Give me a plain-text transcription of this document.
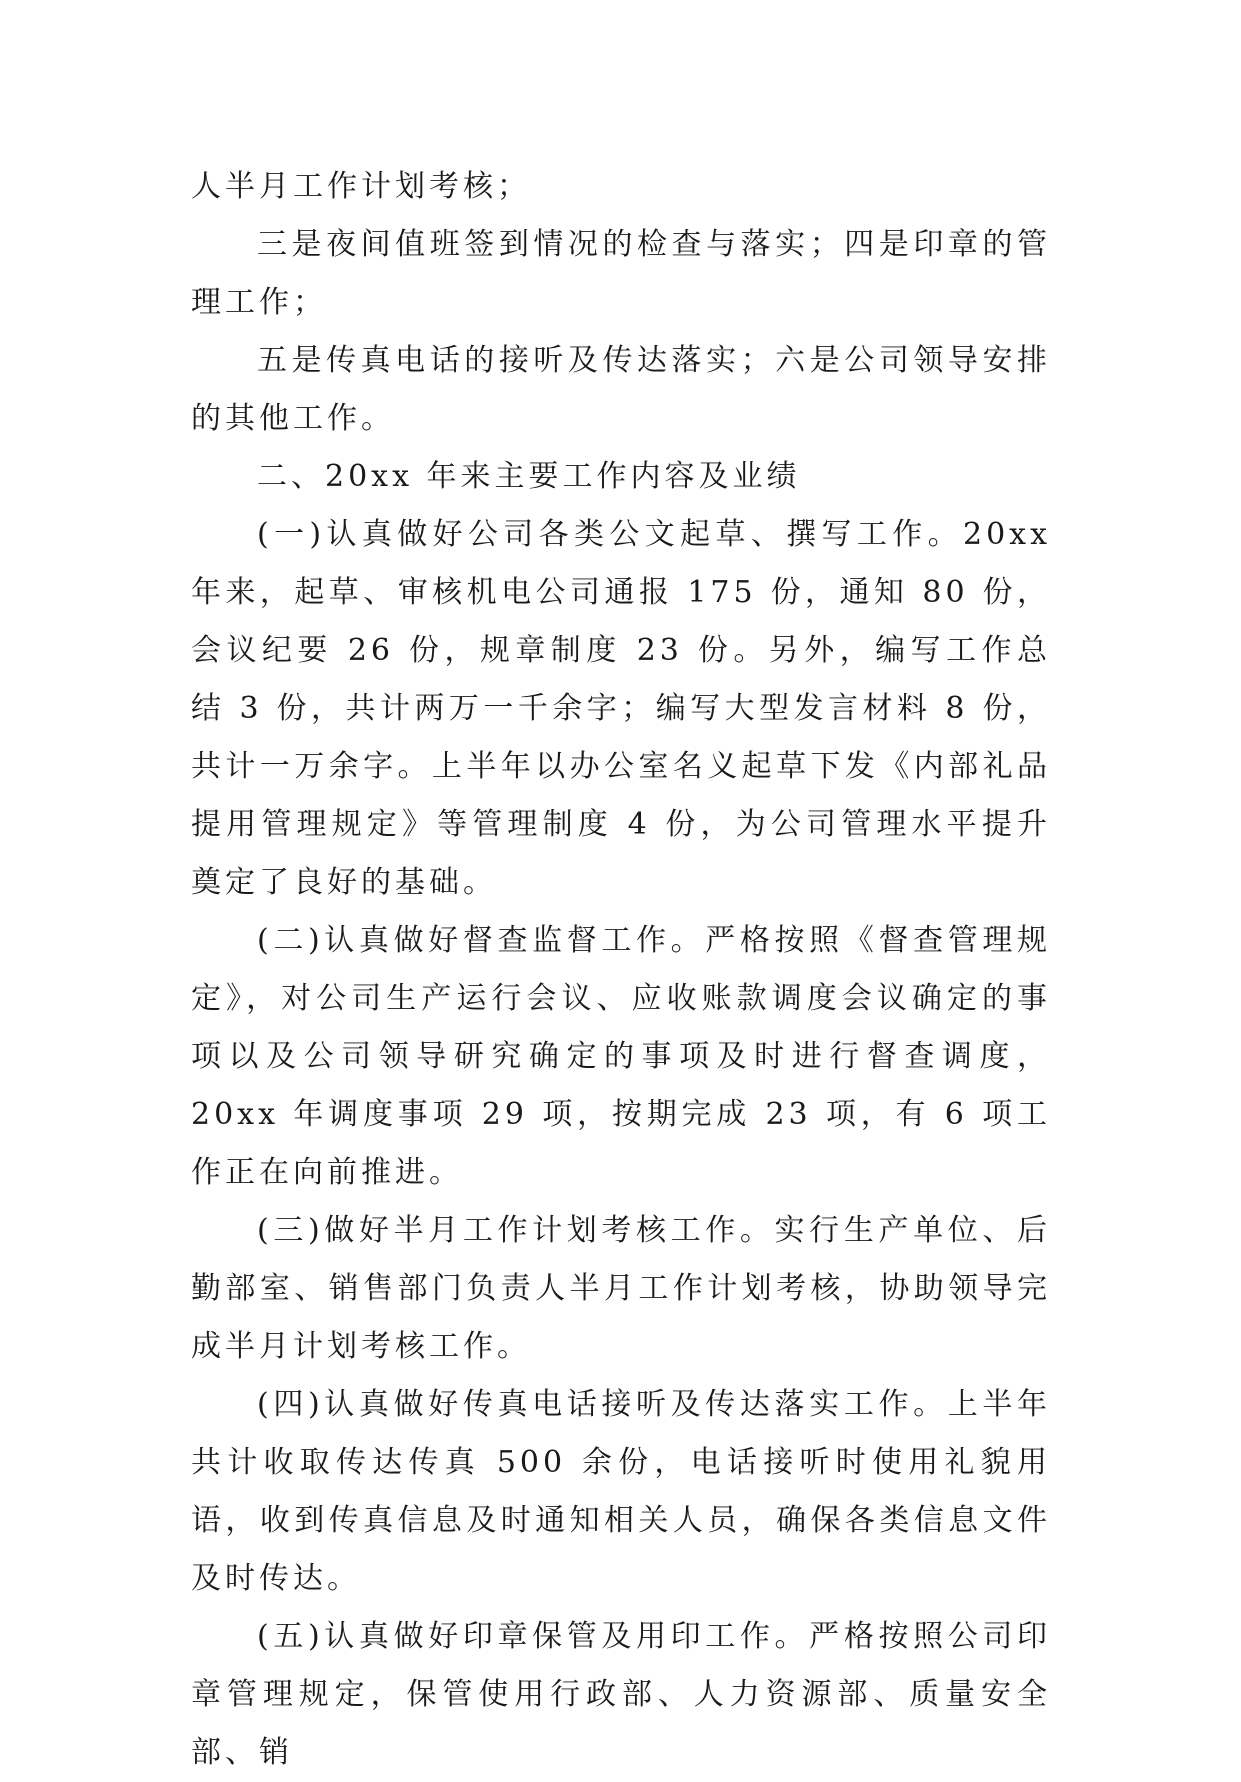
人半月工作计划考核；

三是夜间值班签到情况的检查与落实；四是印章的管理工作；

五是传真电话的接听及传达落实；六是公司领导安排的其他工作。

二、20xx 年来主要工作内容及业绩

(一)认真做好公司各类公文起草、撰写工作。20xx 年来，起草、审核机电公司通报 175 份，通知 80 份，会议纪要 26 份，规章制度 23 份。另外，编写工作总结 3 份，共计两万一千余字；编写大型发言材料 8 份，共计一万余字。上半年以办公室名义起草下发《内部礼品提用管理规定》等管理制度 4 份，为公司管理水平提升奠定了良好的基础。

(二)认真做好督查监督工作。严格按照《督查管理规定》，对公司生产运行会议、应收账款调度会议确定的事项以及公司领导研究确定的事项及时进行督查调度，20xx 年调度事项 29 项，按期完成 23 项，有 6 项工作正在向前推进。

(三)做好半月工作计划考核工作。实行生产单位、后勤部室、销售部门负责人半月工作计划考核，协助领导完成半月计划考核工作。

(四)认真做好传真电话接听及传达落实工作。上半年共计收取传达传真 500 余份，电话接听时使用礼貌用语，收到传真信息及时通知相关人员，确保各类信息文件及时传达。

(五)认真做好印章保管及用印工作。严格按照公司印章管理规定，保管使用行政部、人力资源部、质量安全部、销
